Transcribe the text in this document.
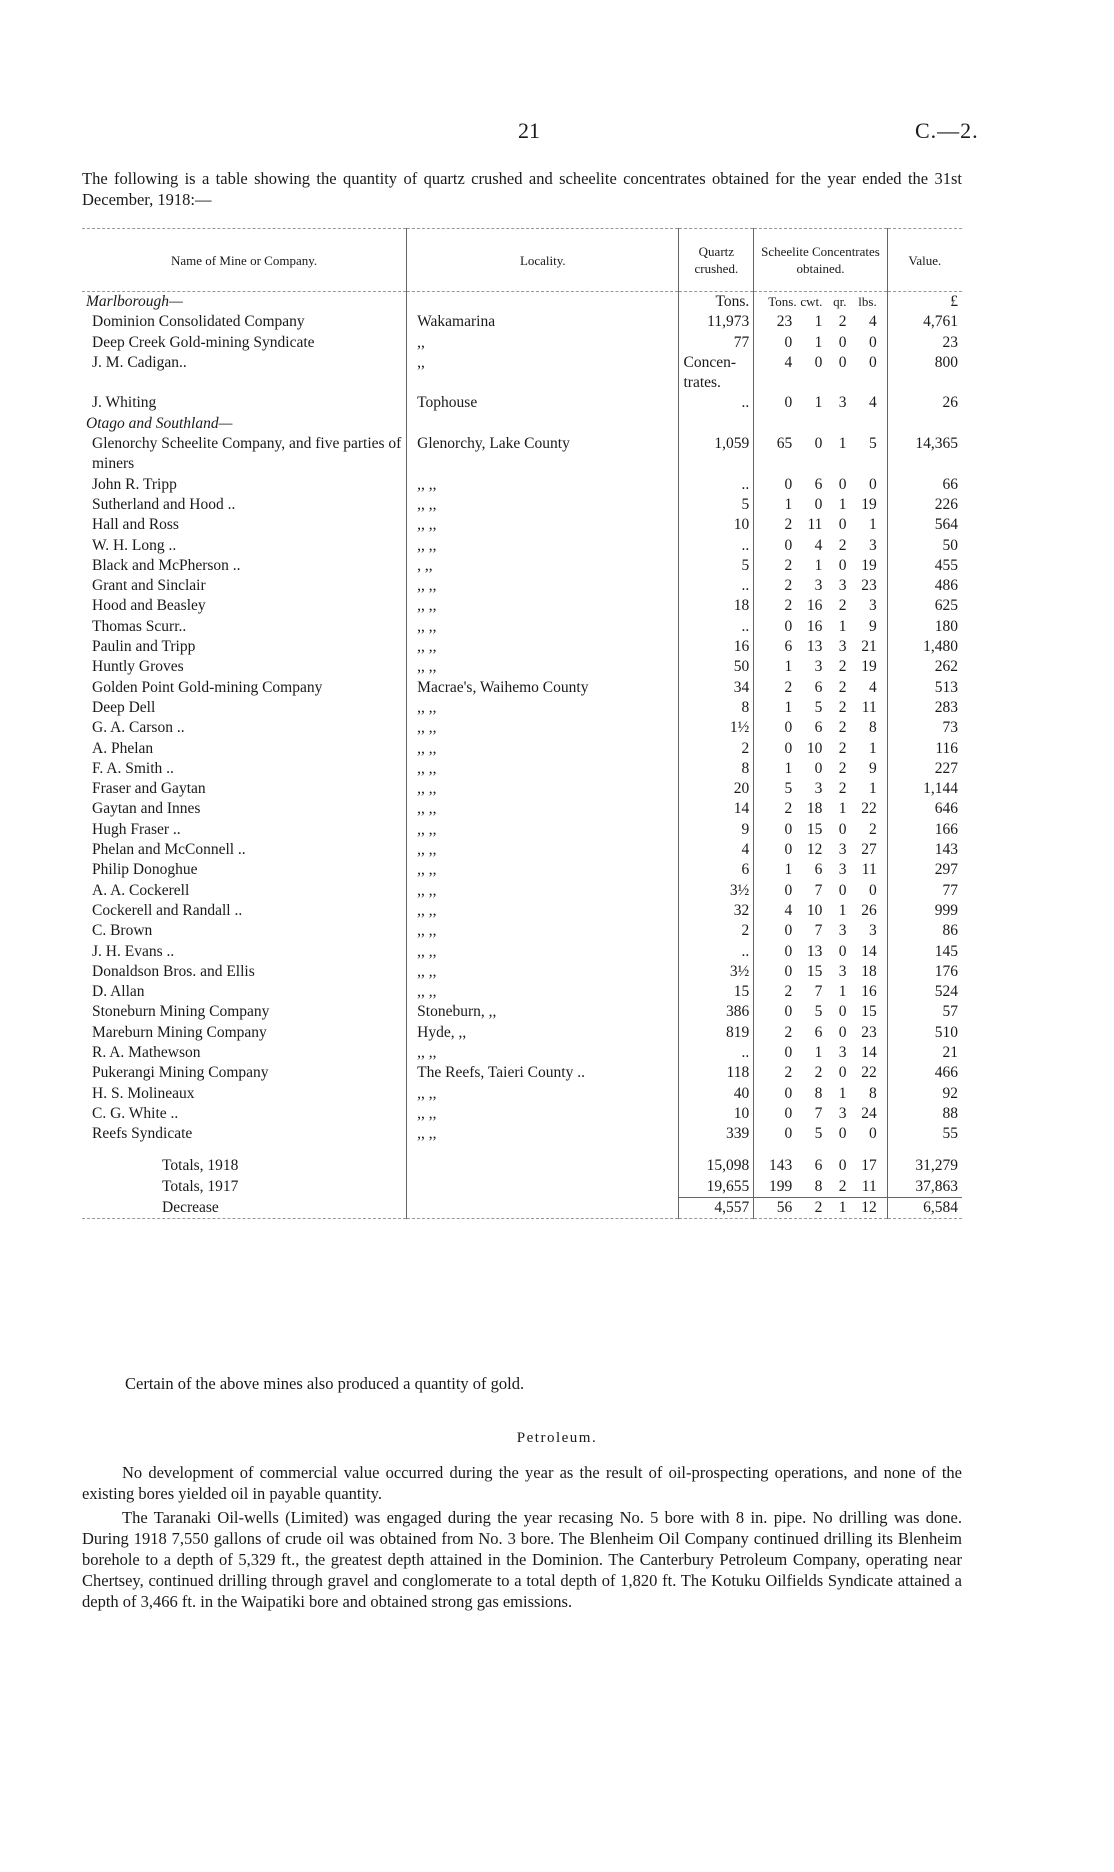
21	C.—2.
The following is a table showing the quantity of quartz crushed and scheelite concentrates obtained for the year ended the 31st December, 1918:—
Name of Mine or Company.	Locality.	Quartz crushed.	Scheelite Concentrates obtained.	Value.
Marlborough—		Tons.	Tons. cwt. qr. lbs.	£
Dominion Consolidated Company	Wakamarina	11,973	23 1 2 4	4,761
Deep Creek Gold-mining Syndicate	,,	77	0 1 0 0	23
J. M. Cadigan..	,,	Concen-trates.	4 0 0 0	800
J. Whiting	Tophouse	..	0 1 3 4	26
Otago and Southland—				
Glenorchy Scheelite Company, and five parties of miners	Glenorchy, Lake County	1,059	65 0 1 5	14,365
John R. Tripp	,, ,,	..	0 6 0 0	66
Sutherland and Hood ..	,, ,,	5	1 0 1 19	226
Hall and Ross	,, ,,	10	2 11 0 1	564
W. H. Long ..	,, ,,	..	0 4 2 3	50
Black and McPherson ..	, ,,	5	2 1 0 19	455
Grant and Sinclair	,, ,,	..	2 3 3 23	486
Hood and Beasley	,, ,,	18	2 16 2 3	625
Thomas Scurr..	,, ,,	..	0 16 1 9	180
Paulin and Tripp	,, ,,	16	6 13 3 21	1,480
Huntly Groves	,, ,,	50	1 3 2 19	262
Golden Point Gold-mining Company	Macrae's, Waihemo County	34	2 6 2 4	513
Deep Dell	,, ,,	8	1 5 2 11	283
G. A. Carson ..	,, ,,	1½	0 6 2 8	73
A. Phelan	,, ,,	2	0 10 2 1	116
F. A. Smith ..	,, ,,	8	1 0 2 9	227
Fraser and Gaytan	,, ,,	20	5 3 2 1	1,144
Gaytan and Innes	,, ,,	14	2 18 1 22	646
Hugh Fraser ..	,, ,,	9	0 15 0 2	166
Phelan and McConnell ..	,, ,,	4	0 12 3 27	143
Philip Donoghue	,, ,,	6	1 6 3 11	297
A. A. Cockerell	,, ,,	3½	0 7 0 0	77
Cockerell and Randall ..	,, ,,	32	4 10 1 26	999
C. Brown	,, ,,	2	0 7 3 3	86
J. H. Evans ..	,, ,,	..	0 13 0 14	145
Donaldson Bros. and Ellis	,, ,,	3½	0 15 3 18	176
D. Allan	,, ,,	15	2 7 1 16	524
Stoneburn Mining Company	Stoneburn, ,,	386	0 5 0 15	57
Mareburn Mining Company	Hyde, ,,	819	2 6 0 23	510
R. A. Mathewson	,, ,,	..	0 1 3 14	21
Pukerangi Mining Company	The Reefs, Taieri County ..	118	2 2 0 22	466
H. S. Molineaux	,, ,,	40	0 8 1 8	92
C. G. White ..	,, ,,	10	0 7 3 24	88
Reefs Syndicate	,, ,,	339	0 5 0 0	55

Totals, 1918		15,098	143 6 0 17	31,279
Totals, 1917		19,655	199 8 2 11	37,863
Decrease		4,557	56 2 1 12	6,584

Certain of the above mines also produced a quantity of gold.
Petroleum.
No development of commercial value occurred during the year as the result of oil-prospecting operations, and none of the existing bores yielded oil in payable quantity.
The Taranaki Oil-wells (Limited) was engaged during the year recasing No. 5 bore with 8 in. pipe. No drilling was done. During 1918 7,550 gallons of crude oil was obtained from No. 3 bore. The Blenheim Oil Company continued drilling its Blenheim borehole to a depth of 5,329 ft., the greatest depth attained in the Dominion. The Canterbury Petroleum Company, operating near Chertsey, continued drilling through gravel and conglomerate to a total depth of 1,820 ft. The Kotuku Oilfields Syndicate attained a depth of 3,466 ft. in the Waipatiki bore and obtained strong gas emissions.
